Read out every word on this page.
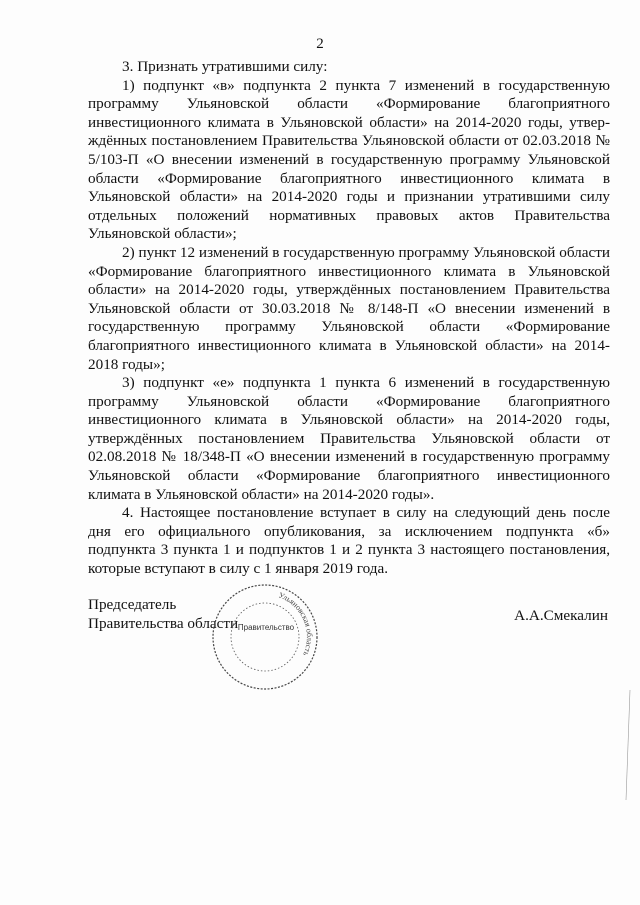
2

3. Признать утратившими силу:

1) подпункт «в» подпункта 2 пункта 7 изменений в государственную программу Ульяновской области «Формирование благоприятного инвестиционного климата в Ульяновской области» на 2014-2020 годы, утверждённых постановлением Правительства Ульяновской области от 02.03.2018 № 5/103-П «О внесении изменений в государственную программу Ульяновской области «Формирование благоприятного инвестиционного климата в Ульяновской области» на 2014-2020 годы и признании утратившими силу отдельных положений нормативных правовых актов Правительства Ульяновской области»;

2) пункт 12 изменений в государственную программу Ульяновской области «Формирование благоприятного инвестиционного климата в Ульяновской области» на 2014-2020 годы, утверждённых постановлением Правительства Ульяновской области от 30.03.2018 № 8/148-П «О внесении изменений в государственную программу Ульяновской области «Формирование благоприятного инвестиционного климата в Ульяновской области» на 2014-2018 годы»;

3) подпункт «е» подпункта 1 пункта 6 изменений в государственную программу Ульяновской области «Формирование благоприятного инвестиционного климата в Ульяновской области» на 2014-2020 годы, утверждённых постановлением Правительства Ульяновской области от 02.08.2018 № 18/348-П «О внесении изменений в государственную программу Ульяновской области «Формирование благоприятного инвестиционного климата в Ульяновской области» на 2014-2020 годы».

4. Настоящее постановление вступает в силу на следующий день после дня его официального опубликования, за исключением подпункта «б» подпункта 3 пункта 1 и подпунктов 1 и 2 пункта 3 настоящего постановления, которые вступают в силу с 1 января 2019 года.

Председатель
Правительства области	А.А.Смекалин
Ульяновская область
Правительство
